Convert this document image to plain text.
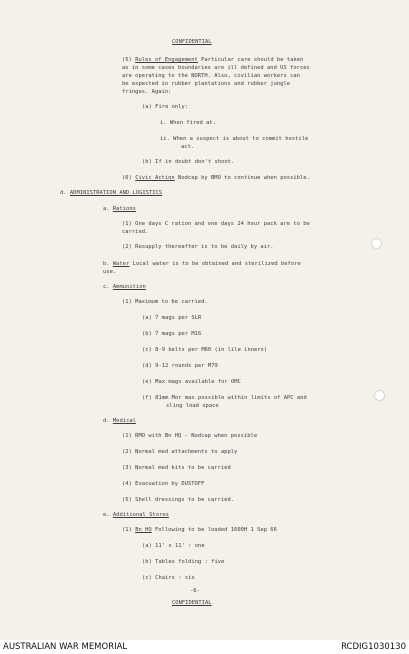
CONFIDENTIAL
(5) Rules of Engagement Particular care should be taken
as in some cases boundaries are ill defined and US forces
are operating to the NORTH. Also, civilian workers can
be expected in rubber plantations and rubber jungle
fringes. Again:
(a) Fire only:
i. When fired at.
ii. When a suspect is about to commit hostile
act.
(b) If in doubt don't shoot.
(6) Civic Action Nodcap by BMO to continue when possible.
d. ADMINISTRATION AND LOGISTICS
a. Rations
(1) One days C ration and one days 24 hour pack are to be
carried.
(2) Resupply thereafter is to be daily by air.
b. Water Local water is to be obtained and sterilized before
use.
c. Ammunition
(1) Maximum to be carried.
(a) 7 mags per SLR
(b) 7 mags per M16
(c) 8-9 belts per M60 (in lile inners)
(d) 9-12 rounds per M79
(e) Max mags available for OMC
(f) 81mm Mor max possible within limits of APC and
sling load space
d. Medical
(1) RMO with Bn HQ - Nodcap when possible
(2) Normal med attachments to apply
(3) Normal med kits to be carried
(4) Evacuation by DUSTOFF
(5) Shell dressings to be carried.
e. Additional Stores
(1) Bn HQ Following to be loaded 1600H 1 Sep 66
(a) 11' x 11' : one
(b) Tables folding : five
(c) Chairs : six
-6-
CONFIDENTIAL
AUSTRALIAN WAR MEMORIAL	RCDIG1030130
